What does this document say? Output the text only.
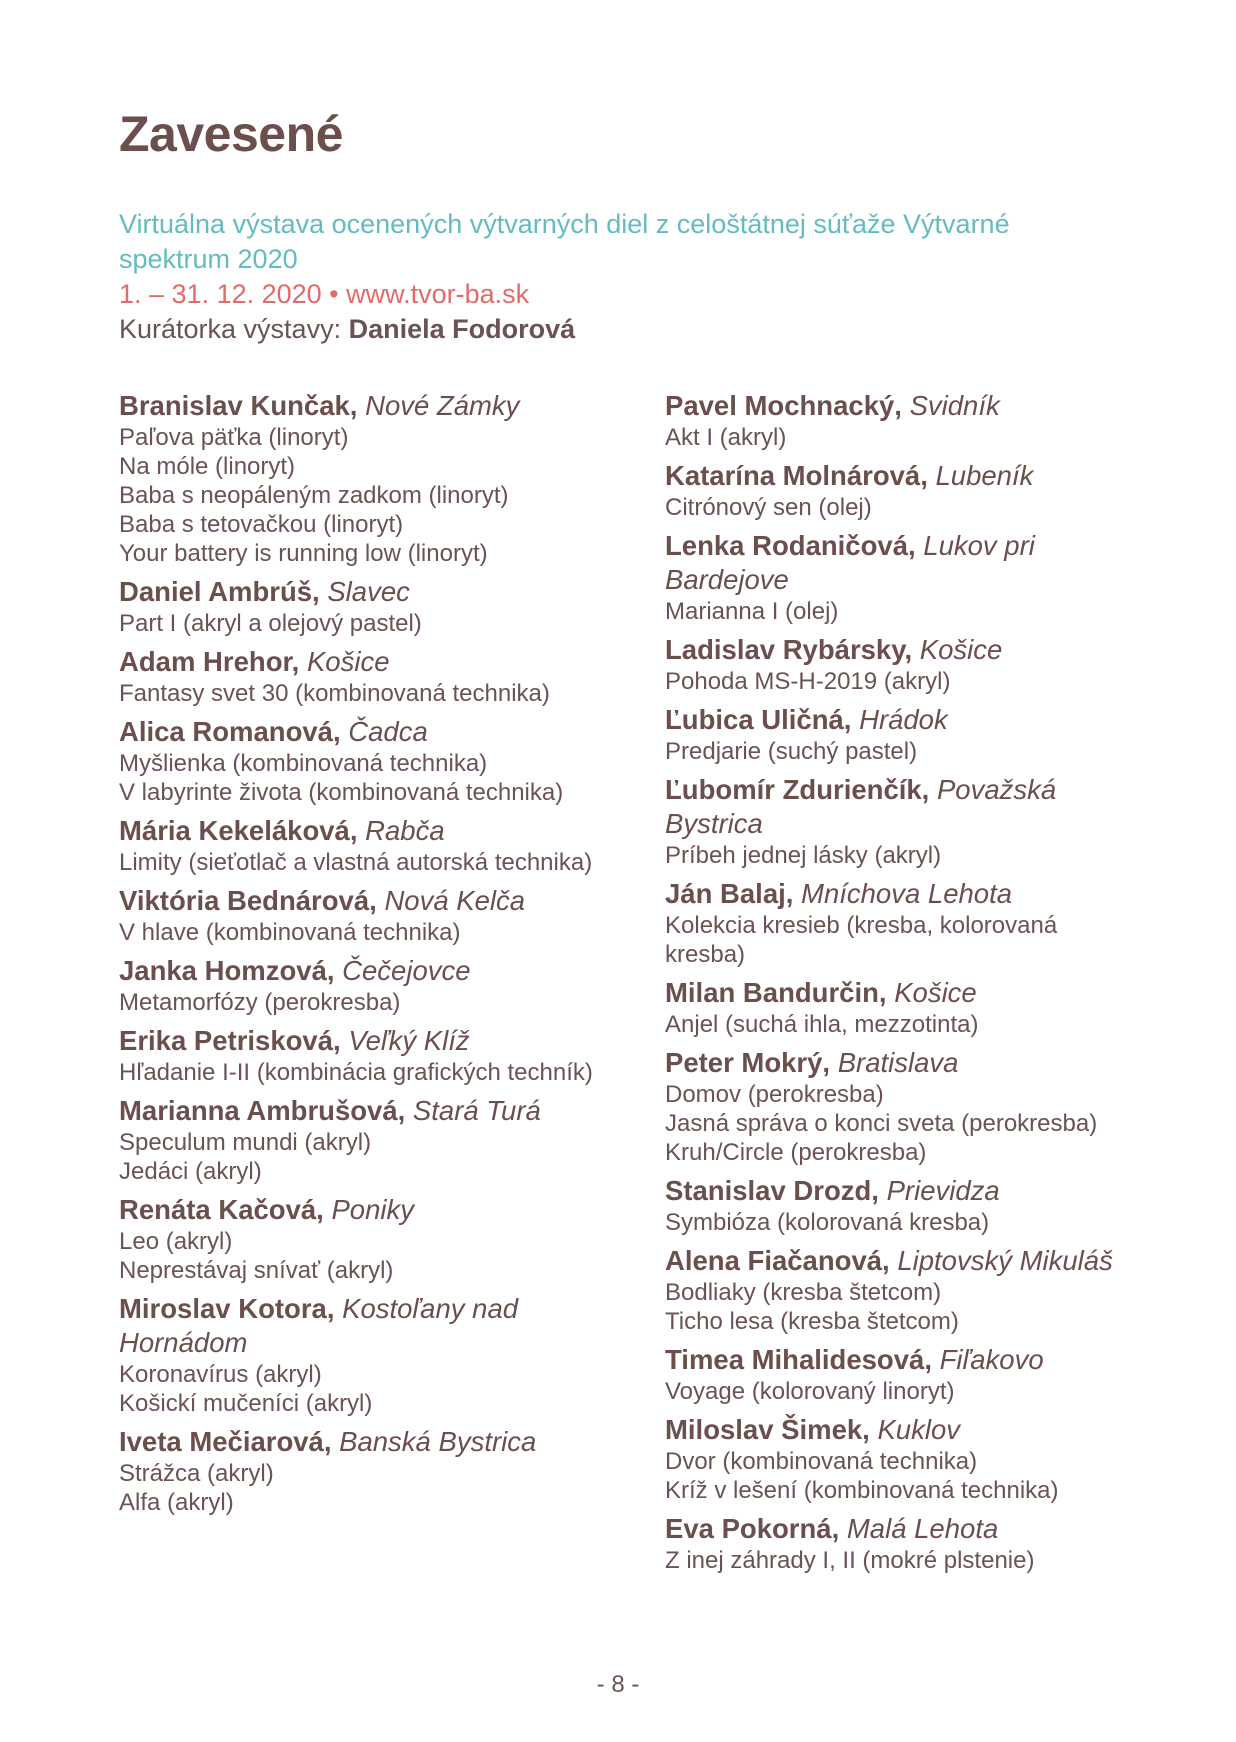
Zavesené
Virtuálna výstava ocenených výtvarných diel z celoštátnej súťaže Výtvarné spektrum 2020
1. – 31. 12. 2020 • www.tvor-ba.sk
Kurátorka výstavy: Daniela Fodorová
Branislav Kunčak, Nové Zámky
Paľova päťka (linoryt)
Na móle (linoryt)
Baba s neopáleným zadkom (linoryt)
Baba s tetovačkou (linoryt)
Your battery is running low (linoryt)
Daniel Ambrúš, Slavec
Part I (akryl a olejový pastel)
Adam Hrehor, Košice
Fantasy svet 30 (kombinovaná technika)
Alica Romanová, Čadca
Myšlienka (kombinovaná technika)
V labyrinte života (kombinovaná technika)
Mária Kekeláková, Rabča
Limity (sieťotlač a vlastná autorská technika)
Viktória Bednárová, Nová Kelča
V hlave (kombinovaná technika)
Janka Homzová, Čečejovce
Metamorfózy (perokresba)
Erika Petrisková, Veľký Klíž
Hľadanie I-II (kombinácia grafických techník)
Marianna Ambrušová, Stará Turá
Speculum mundi (akryl)
Jedáci (akryl)
Renáta Kačová, Poniky
Leo (akryl)
Neprestávaj snívať (akryl)
Miroslav Kotora, Kostoľany nad Hornádom
Koronavírus (akryl)
Košickí mučeníci (akryl)
Iveta Mečiarová, Banská Bystrica
Strážca (akryl)
Alfa (akryl)
Pavel Mochnacký, Svidník
Akt I (akryl)
Katarína Molnárová, Lubeník
Citrónový sen (olej)
Lenka Rodaničová, Lukov pri Bardejove
Marianna I (olej)
Ladislav Rybársky, Košice
Pohoda MS-H-2019 (akryl)
Ľubica Uličná, Hrádok
Predjarie (suchý pastel)
Ľubomír Zdurienčík, Považská Bystrica
Príbeh jednej lásky (akryl)
Ján Balaj, Mníchova Lehota
Kolekcia kresieb (kresba, kolorovaná kresba)
Milan Bandurčin, Košice
Anjel (suchá ihla, mezzotinta)
Peter Mokrý, Bratislava
Domov (perokresba)
Jasná správa o konci sveta (perokresba)
Kruh/Circle (perokresba)
Stanislav Drozd, Prievidza
Symbióza (kolorovaná kresba)
Alena Fiačanová, Liptovský Mikuláš
Bodliaky (kresba štetcom)
Ticho lesa (kresba štetcom)
Timea Mihalidesová, Fiľakovo
Voyage (kolorovaný linoryt)
Miloslav Šimek, Kuklov
Dvor (kombinovaná technika)
Kríž v lešení (kombinovaná technika)
Eva Pokorná, Malá Lehota
Z inej záhrady I, II (mokré plstenie)
- 8 -
